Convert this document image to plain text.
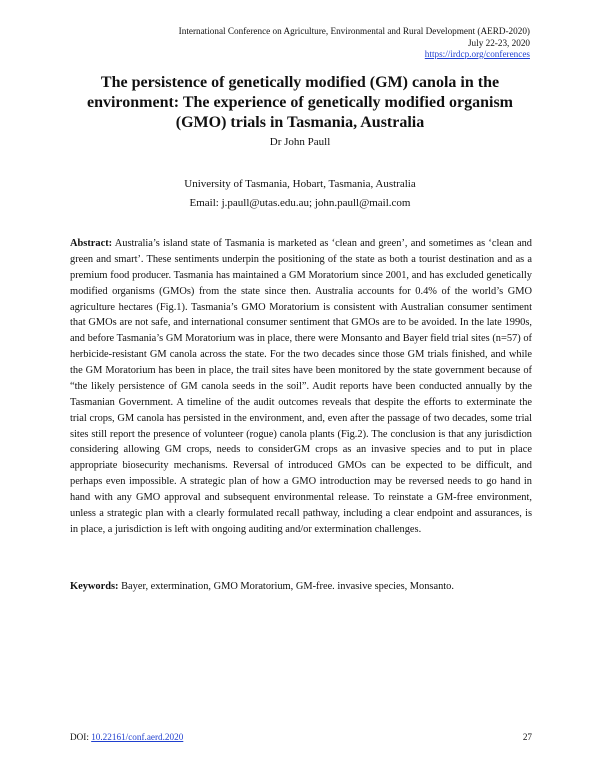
International Conference on Agriculture, Environmental and Rural Development (AERD-2020)
July 22-23, 2020
https://irdcp.org/conferences
The persistence of genetically modified (GM) canola in the environment: The experience of genetically modified organism (GMO) trials in Tasmania, Australia
Dr John Paull
University of Tasmania, Hobart, Tasmania, Australia
Email: j.paull@utas.edu.au; john.paull@mail.com

Abstract: Australia’s island state of Tasmania is marketed as ‘clean and green’, and sometimes as ‘clean and green and smart’. These sentiments underpin the positioning of the state as both a tourist destination and as a premium food producer. Tasmania has maintained a GM Moratorium since 2001, and has excluded genetically modified organisms (GMOs) from the state since then. Australia accounts for 0.4% of the world’s GMO agriculture hectares (Fig.1). Tasmania’s GMO Moratorium is consistent with Australian consumer sentiment that GMOs are not safe, and international consumer sentiment that GMOs are to be avoided. In the late 1990s, and before Tasmania’s GM Moratorium was in place, there were Monsanto and Bayer field trial sites (n=57) of herbicide-resistant GM canola across the state. For the two decades since those GM trials finished, and while the GM Moratorium has been in place, the trail sites have been monitored by the state government because of “the likely persistence of GM canola seeds in the soil”. Audit reports have been conducted annually by the Tasmanian Government. A timeline of the audit outcomes reveals that despite the efforts to exterminate the trial crops, GM canola has persisted in the environment, and, even after the passage of two decades, some trial sites still report the presence of volunteer (rogue) canola plants (Fig.2). The conclusion is that any jurisdiction considering allowing GM crops, needs to considerGM crops as an invasive species and to put in place appropriate biosecurity mechanisms. Reversal of introduced GMOs can be expected to be difficult, and perhaps even impossible. A strategic plan of how a GMO introduction may be reversed needs to go hand in hand with any GMO approval and subsequent environmental release. To reinstate a GM-free environment, unless a strategic plan with a clearly formulated recall pathway, including a clear endpoint and assurances, is in place, a jurisdiction is left with ongoing auditing and/or extermination challenges.

Keywords: Bayer, extermination, GMO Moratorium, GM-free. invasive species, Monsanto.

DOI: 10.22161/conf.aerd.2020	27
